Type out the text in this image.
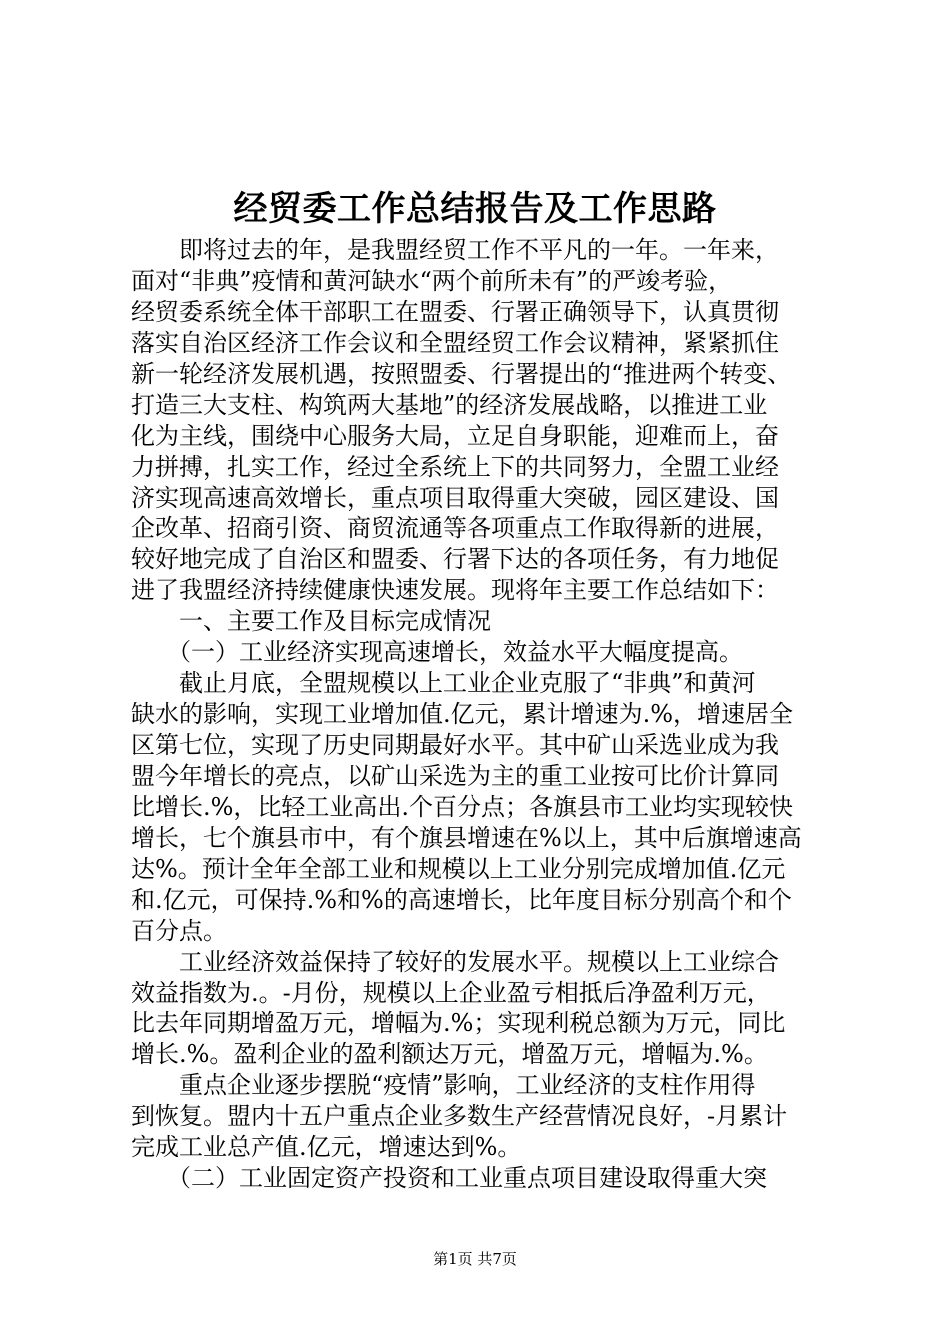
经贸委工作总结报告及工作思路
　　即将过去的年，是我盟经贸工作不平凡的一年。一年来，
面对“非典”疫情和黄河缺水“两个前所未有”的严竣考验，
经贸委系统全体干部职工在盟委、行署正确领导下，认真贯彻
落实自治区经济工作会议和全盟经贸工作会议精神，紧紧抓住
新一轮经济发展机遇，按照盟委、行署提出的“推进两个转变、
打造三大支柱、构筑两大基地”的经济发展战略，以推进工业
化为主线，围绕中心服务大局，立足自身职能，迎难而上，奋
力拼搏，扎实工作，经过全系统上下的共同努力，全盟工业经
济实现高速高效增长，重点项目取得重大突破，园区建设、国
企改革、招商引资、商贸流通等各项重点工作取得新的进展，
较好地完成了自治区和盟委、行署下达的各项任务，有力地促
进了我盟经济持续健康快速发展。现将年主要工作总结如下：
　　一、主要工作及目标完成情况
　　（一）工业经济实现高速增长，效益水平大幅度提高。
　　截止月底，全盟规模以上工业企业克服了“非典”和黄河
缺水的影响，实现工业增加值.亿元，累计增速为.%，增速居全
区第七位，实现了历史同期最好水平。其中矿山采选业成为我
盟今年增长的亮点，以矿山采选为主的重工业按可比价计算同
比增长.%，比轻工业高出.个百分点；各旗县市工业均实现较快
增长，七个旗县市中，有个旗县增速在%以上，其中后旗增速高
达%。预计全年全部工业和规模以上工业分别完成增加值.亿元
和.亿元，可保持.%和%的高速增长，比年度目标分别高个和个
百分点。
　　工业经济效益保持了较好的发展水平。规模以上工业综合
效益指数为.。-月份，规模以上企业盈亏相抵后净盈利万元，
比去年同期增盈万元，增幅为.%；实现利税总额为万元，同比
增长.%。盈利企业的盈利额达万元，增盈万元，增幅为.%。
　　重点企业逐步摆脱“疫情”影响，工业经济的支柱作用得
到恢复。盟内十五户重点企业多数生产经营情况良好，-月累计
完成工业总产值.亿元，增速达到%。
　　（二）工业固定资产投资和工业重点项目建设取得重大突
第1页 共7页
